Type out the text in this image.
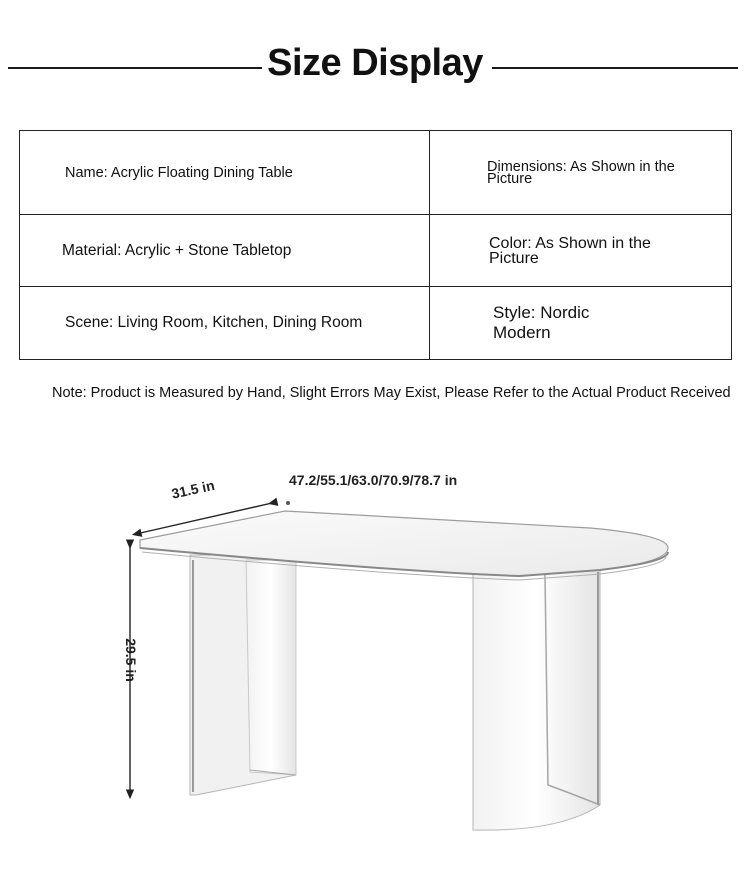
Size Display
Name: Acrylic Floating Dining Table	Dimensions: As Shown in the Picture

Material: Acrylic + Stone Tabletop	Color: As Shown in the Picture

Scene: Living Room, Kitchen, Dining Room	Style: Nordic Modern
Note: Product is Measured by Hand, Slight Errors May Exist, Please Refer to the Actual Product Received
47.2/55.1/63.0/70.9/78.7 in
31.5 in
29.5 in
